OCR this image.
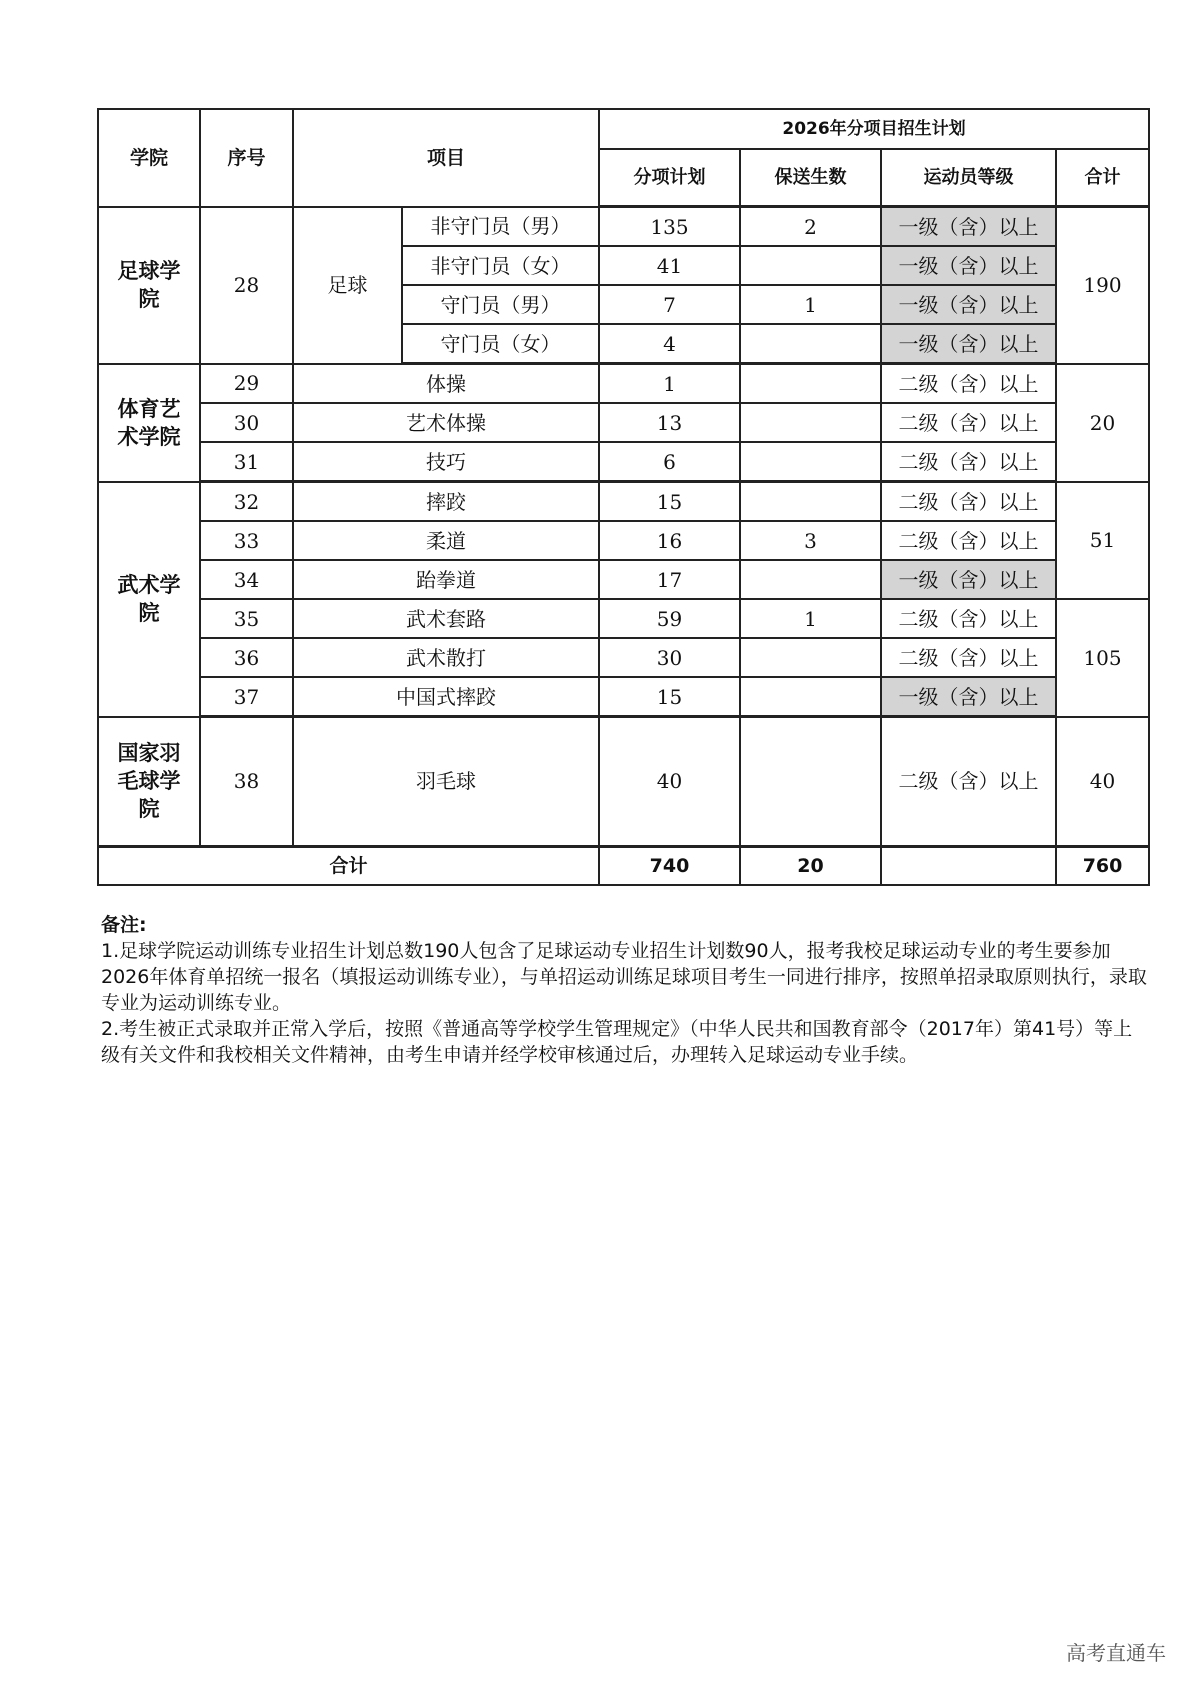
学院	序号	项目		2026年分项目招生计划			
				分项计划	保送生数	运动员等级	合计
足球学院	28	足球	非守门员（男）	135	2	一级（含）以上	190
			非守门员（女）	41		一级（含）以上	
			守门员（男）	7	1	一级（含）以上	
			守门员（女）	4		一级（含）以上	
体育艺术学院	29	体操		1		二级（含）以上	20
	30	艺术体操		13		二级（含）以上	
	31	技巧		6		二级（含）以上	
武术学院	32	摔跤		15		二级（含）以上	51
	33	柔道		16	3	二级（含）以上	
	34	跆拳道		17		一级（含）以上	
	35	武术套路		59	1	二级（含）以上	105
	36	武术散打		30		二级（含）以上	
	37	中国式摔跤		15		一级（含）以上	
国家羽毛球学院	38	羽毛球		40		二级（含）以上	40
合计				740	20		760

备注:

1.足球学院运动训练专业招生计划总数190人包含了足球运动专业招生计划数90人，报考我校足球运动专业的考生要参加2026年体育单招统一报名（填报运动训练专业），与单招运动训练足球项目考生一同进行排序，按照单招录取原则执行，录取专业为运动训练专业。

2.考生被正式录取并正常入学后，按照《普通高等学校学生管理规定》（中华人民共和国教育部令（2017年）第41号）等上级有关文件和我校相关文件精神，由考生申请并经学校审核通过后，办理转入足球运动专业手续。

高考直通车
